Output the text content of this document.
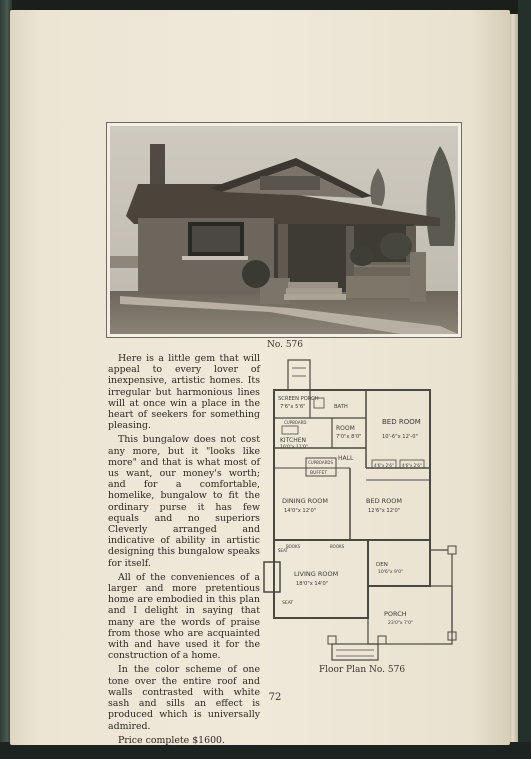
No. 576

Here is a little gem that will appeal to every lover of inexpensive, artistic homes. Its irregular but harmonious lines will at once win a place in the heart of seekers for something pleasing.

This bungalow does not cost any more, but it "looks like more" and that is what most of us want, our money's worth; and for a comfortable, homelike, bungalow to fit the ordinary purse it has few equals and no superiors Cleverly arranged and indicative of ability in artistic designing this bungalow speaks for itself.

All of the conveniences of a larger and more pretentious home are embodied in this plan and I delight in saying that many are the words of praise from those who are acquainted with and have used it for the construction of a home.

In the color scheme of one tone over the entire roof and walls contrasted with white sash and sills an effect is produced which is universally admired.

Price complete $1600.

SCREEN PORCH
7'6"x 5'6"	BATH
BED ROOM
10'-6"x 12'-0"
ROOM
7'0"x 8'0"
CUPBOARD
KITCHEN
10'0"x 11'0"
HALL
CUPBOARDS
BUFFET
4'6"x 2'6" 4'6"x 2'6"
DINING ROOM
14'0"x 12'0"
BED ROOM
12'6"x 12'0"
SEAT
BOOKS	BOOKS
LIVING ROOM
18'0"x 14'0"
SEAT
DEN
10'6"x 9'0"
PORCH
23'0"x 7'0"
Floor Plan No. 576
72
